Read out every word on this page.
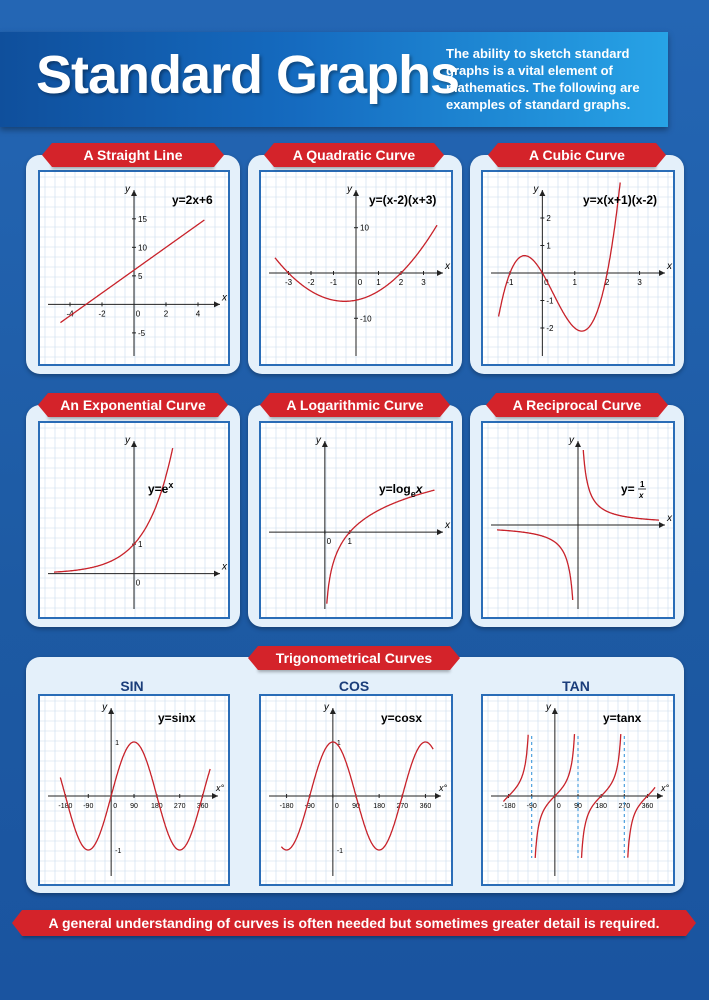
Standard Graphs
The ability to sketch standard graphs is a vital element of mathematics. The following are examples of standard graphs.
x
y
-4	-2	0	2	4
15
10
5
-5
y=2x+6
A Straight Line
x
y
-3 -2 -1	0 1 2 3
10
-10
y=(x-2)(x+3)
A Quadratic Curve
x
y
-1	0	1	2	3
2
1
-1
-2
y=x(x+1)(x-2)
A Cubic Curve
x
y
0
1
$y=e^x$
An Exponential Curve
x
y
0 1
$y=\log_ex$
A Logarithmic Curve
x
y
y= 1
x
A Reciprocal Curve
Trigonometrical Curves
SIN
x°
y
-180 -90	0 90 180 270 360
1
-1
y=sinx
COS
x°
y
-180 -90	0 90 180 270 360
1
-1
y=cosx
TAN
x°
y
-180 -90	0 90 180 270 360
y=tanx
A general understanding of curves is often needed but sometimes greater detail is required.
